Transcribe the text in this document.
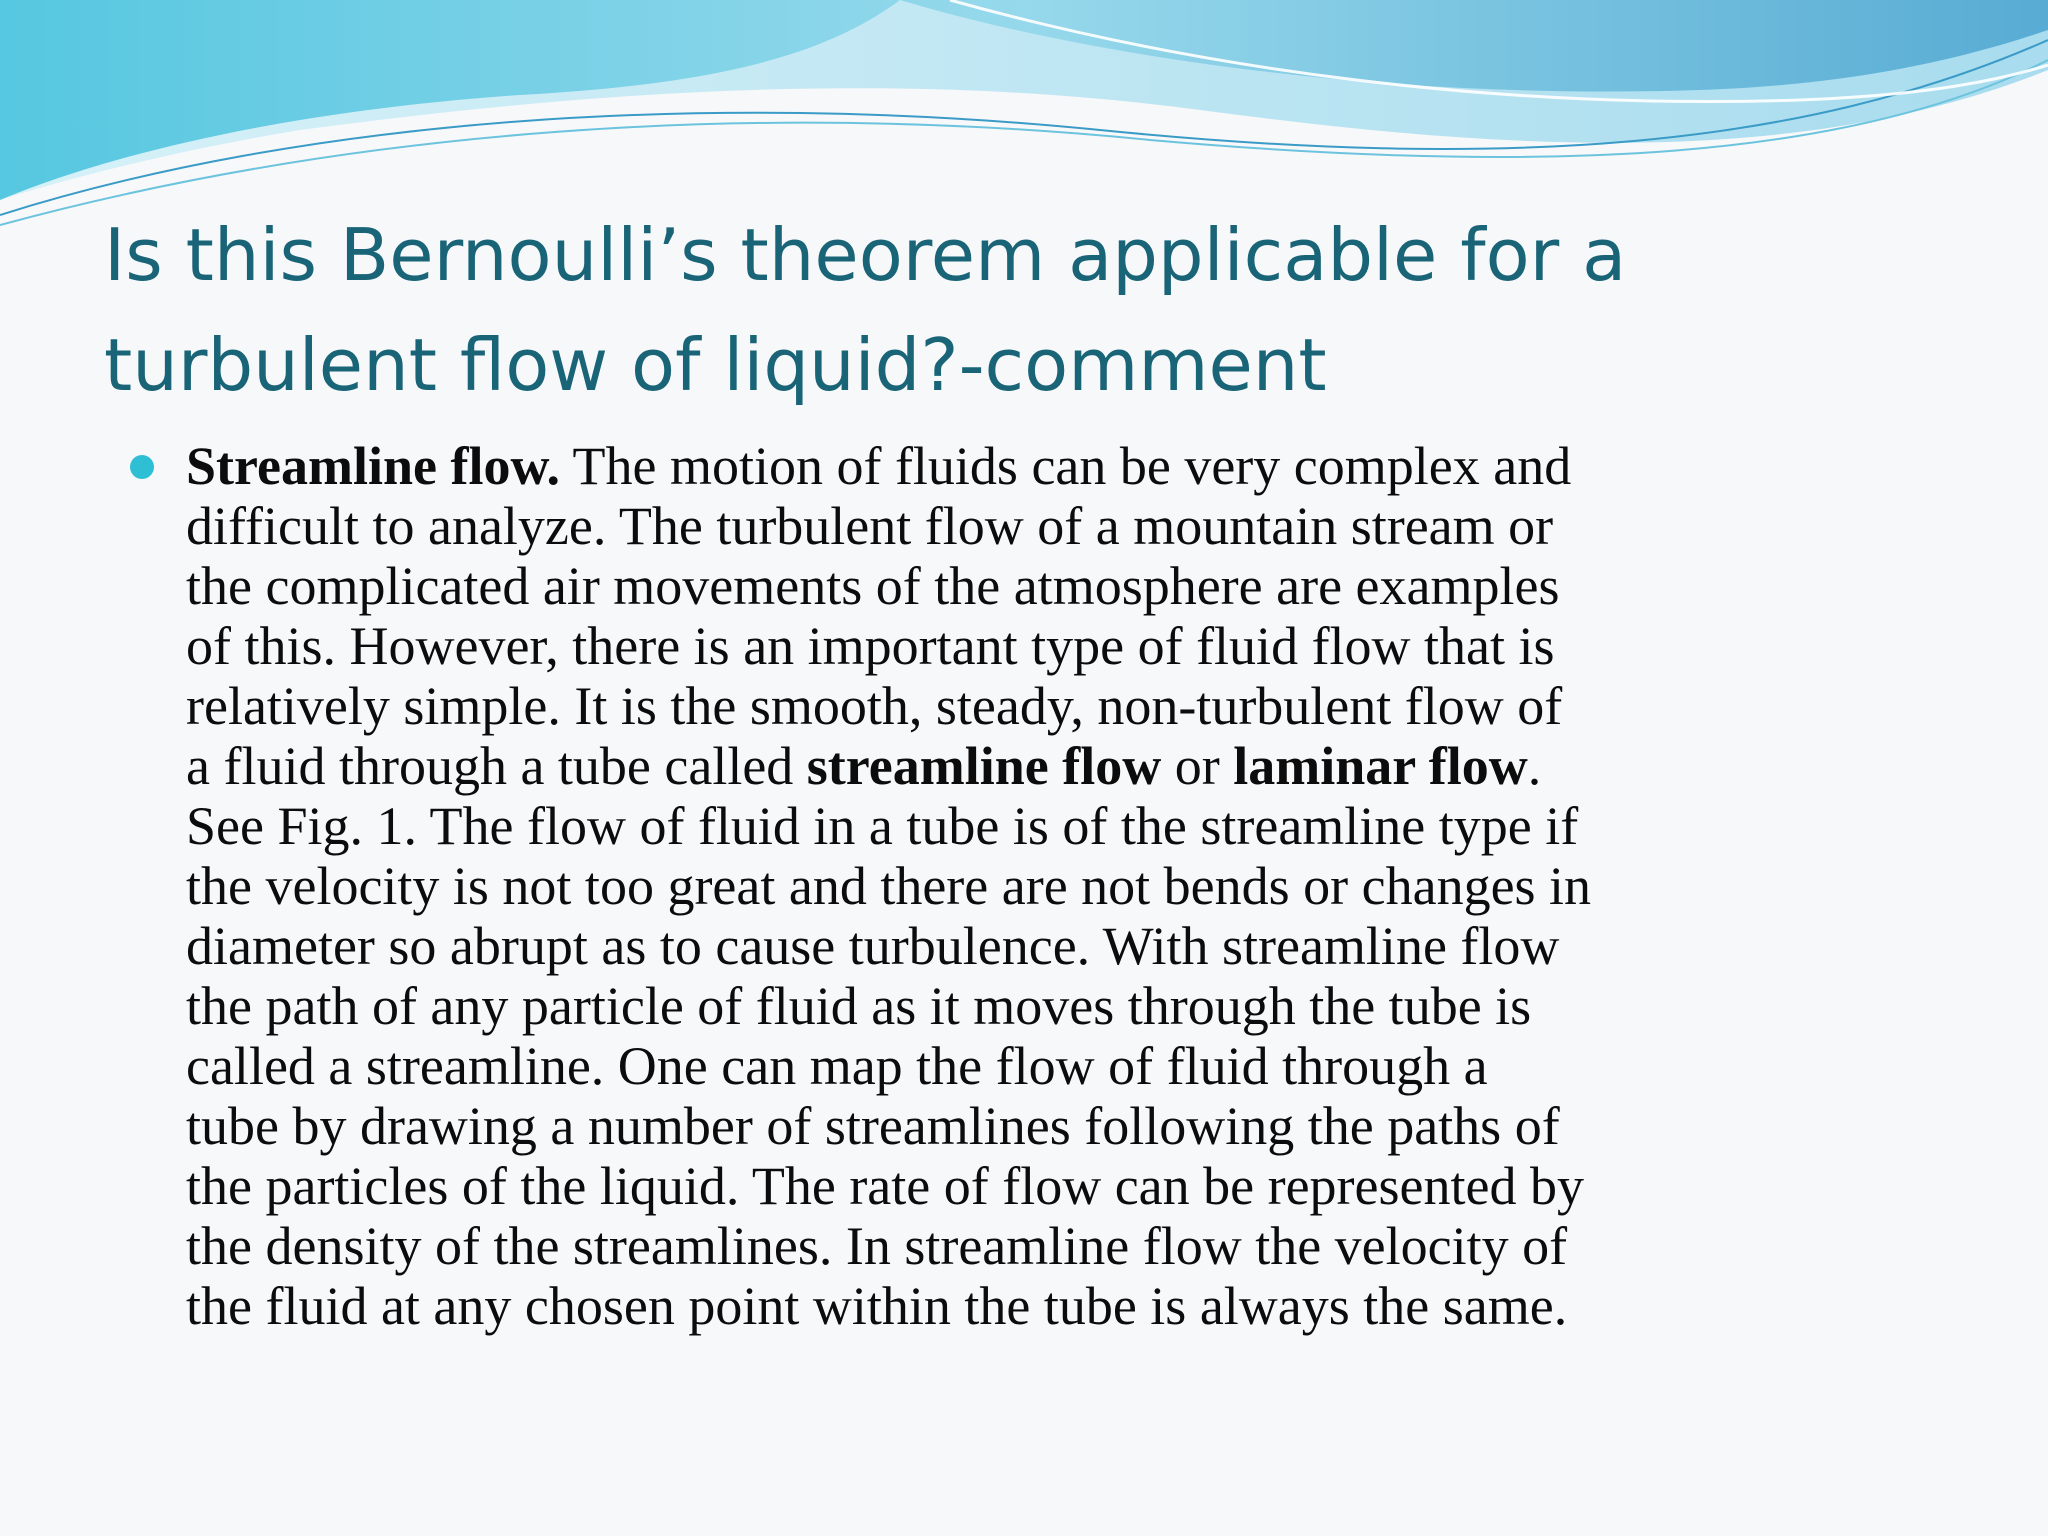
Is this Bernoulli’s theorem applicable for a
turbulent flow of liquid?-comment

Streamline flow. The motion of fluids can be very complex and
difficult to analyze. The turbulent flow of a mountain stream or
the complicated air movements of the atmosphere are examples
of this. However, there is an important type of fluid flow that is
relatively simple. It is the smooth, steady, non-turbulent flow of
a fluid through a tube called streamline flow or laminar flow.
See Fig. 1. The flow of fluid in a tube is of the streamline type if
the velocity is not too great and there are not bends or changes in
diameter so abrupt as to cause turbulence. With streamline flow
the path of any particle of fluid as it moves through the tube is
called a streamline. One can map the flow of fluid through a
tube by drawing a number of streamlines following the paths of
the particles of the liquid. The rate of flow can be represented by
the density of the streamlines. In streamline flow the velocity of
the fluid at any chosen point within the tube is always the same.
